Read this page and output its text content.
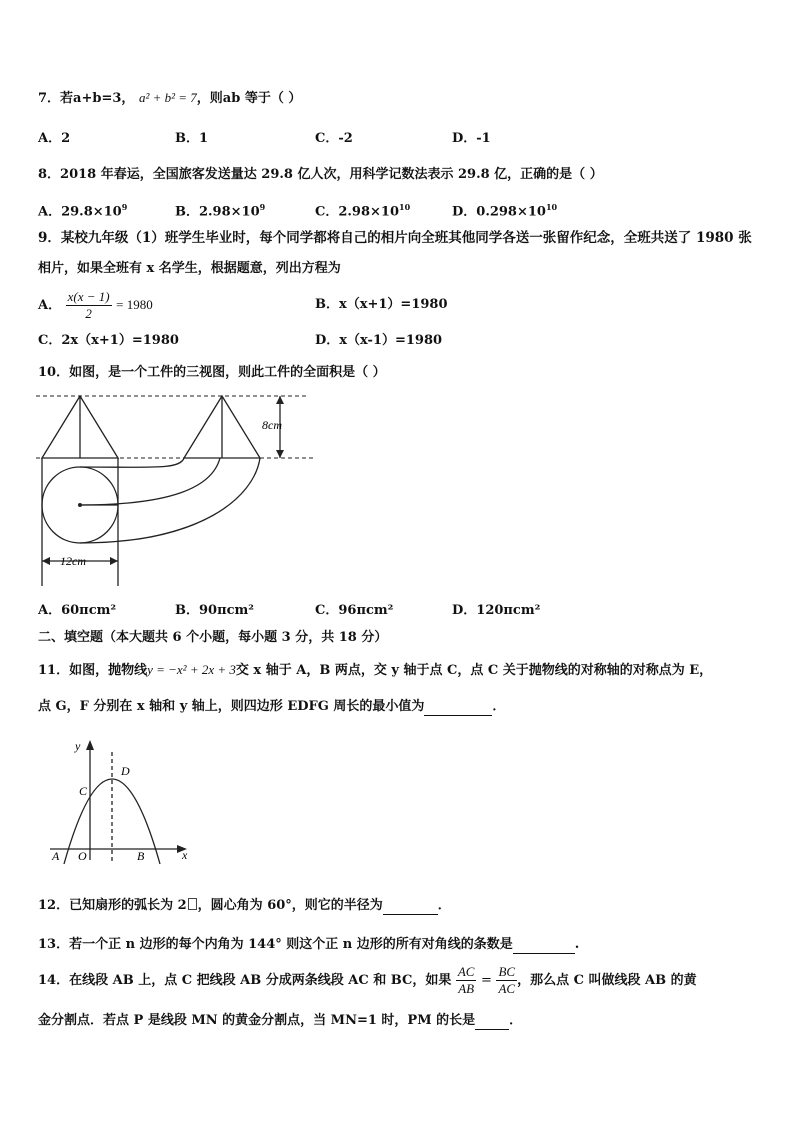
7．若a+b=3， a² + b² = 7，则ab 等于（ ）
A．2	B．1	C．-2	D．-1
8．2018 年春运，全国旅客发送量达 29.8 亿人次，用科学记数法表示 29.8 亿，正确的是（ ）
A．$29.8\times 10^9$	B．$2.98\times 10^9$	C．$2.98\times 10^{10}$	D．$0.298\times 10^{10}$
9．某校九年级（1）班学生毕业时，每个同学都将自己的相片向全班其他同学各送一张留作纪念，全班共送了 1980 张
相片，如果全班有 x 名学生，根据题意，列出方程为
A． $\frac{x(x - 1)}{2} = 1980$	B．x（x+1）=1980
C．2x（x+1）=1980	D．x（x-1）=1980
10．如图，是一个工件的三视图，则此工件的全面积是（ ）
8cm
12cm
A．60πcm²	B．90πcm²	C．96πcm²	D．120πcm²
二、填空题（本大题共 6 个小题，每小题 3 分，共 18 分）
11．如图，抛物线y = −x² + 2x + 3交 x 轴于 A，B 两点，交 y 轴于点 C，点 C 关于抛物线的对称轴的对称点为 E，
点 G，F 分别在 x 轴和 y 轴上，则四边形 EDFG 周长的最小值为	．
y
x
D
C
A O	B
12．已知扇形的弧长为 2 ，圆心角为 60°，则它的半径为	．
13．若一个正 n 边形的每个内角为 144° 则这个正 n 边形的所有对角线的条数是	.
14．在线段 AB 上，点 C 把线段 AB 分成两条线段 AC 和 BC，如果 $\frac{AC}{AB} = \frac{BC}{AC}$ ，那么点 C 叫做线段 AB 的黄
金分割点．若点 P 是线段 MN 的黄金分割点，当 MN=1 时，PM 的长是	．
